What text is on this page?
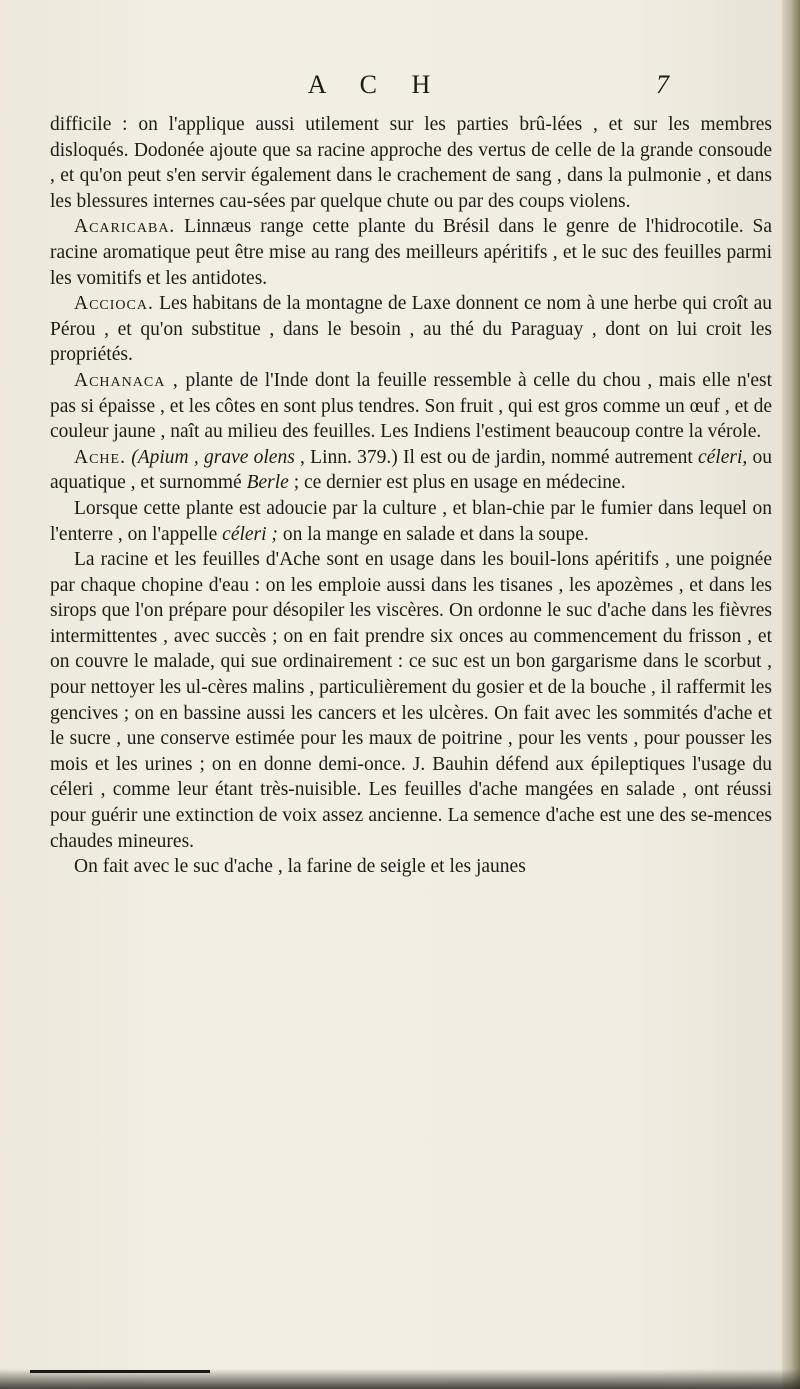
A C H	7

difficile : on l'applique aussi utilement sur les parties brû-lées , et sur les membres disloqués. Dodonée ajoute que sa racine approche des vertus de celle de la grande consoude , et qu'on peut s'en servir également dans le crachement de sang , dans la pulmonie , et dans les blessures internes cau-sées par quelque chute ou par des coups violens.

Acaricaba. Linnæus range cette plante du Brésil dans le genre de l'hidrocotile. Sa racine aromatique peut être mise au rang des meilleurs apéritifs , et le suc des feuilles parmi les vomitifs et les antidotes.

Accioca. Les habitans de la montagne de Laxe donnent ce nom à une herbe qui croît au Pérou , et qu'on substitue , dans le besoin , au thé du Paraguay , dont on lui croit les propriétés.

Achanaca , plante de l'Inde dont la feuille ressemble à celle du chou , mais elle n'est pas si épaisse , et les côtes en sont plus tendres. Son fruit , qui est gros comme un œuf , et de couleur jaune , naît au milieu des feuilles. Les Indiens l'estiment beaucoup contre la vérole.

Ache. (Apium , grave olens , Linn. 379.) Il est ou de jardin, nommé autrement céleri, ou aquatique , et surnommé Berle ; ce dernier est plus en usage en médecine.

Lorsque cette plante est adoucie par la culture , et blan-chie par le fumier dans lequel on l'enterre , on l'appelle céleri ; on la mange en salade et dans la soupe.

La racine et les feuilles d'Ache sont en usage dans les bouil-lons apéritifs , une poignée par chaque chopine d'eau : on les emploie aussi dans les tisanes , les apozèmes , et dans les sirops que l'on prépare pour désopiler les viscères. On ordonne le suc d'ache dans les fièvres intermittentes , avec succès ; on en fait prendre six onces au commencement du frisson , et on couvre le malade, qui sue ordinairement : ce suc est un bon gargarisme dans le scorbut , pour nettoyer les ul-cères malins , particulièrement du gosier et de la bouche , il raffermit les gencives ; on en bassine aussi les cancers et les ulcères. On fait avec les sommités d'ache et le sucre , une conserve estimée pour les maux de poitrine , pour les vents , pour pousser les mois et les urines ; on en donne demi-once. J. Bauhin défend aux épileptiques l'usage du céleri , comme leur étant très-nuisible. Les feuilles d'ache mangées en salade , ont réussi pour guérir une extinction de voix assez ancienne. La semence d'ache est une des se-mences chaudes mineures.

On fait avec le suc d'ache , la farine de seigle et les jaunes
